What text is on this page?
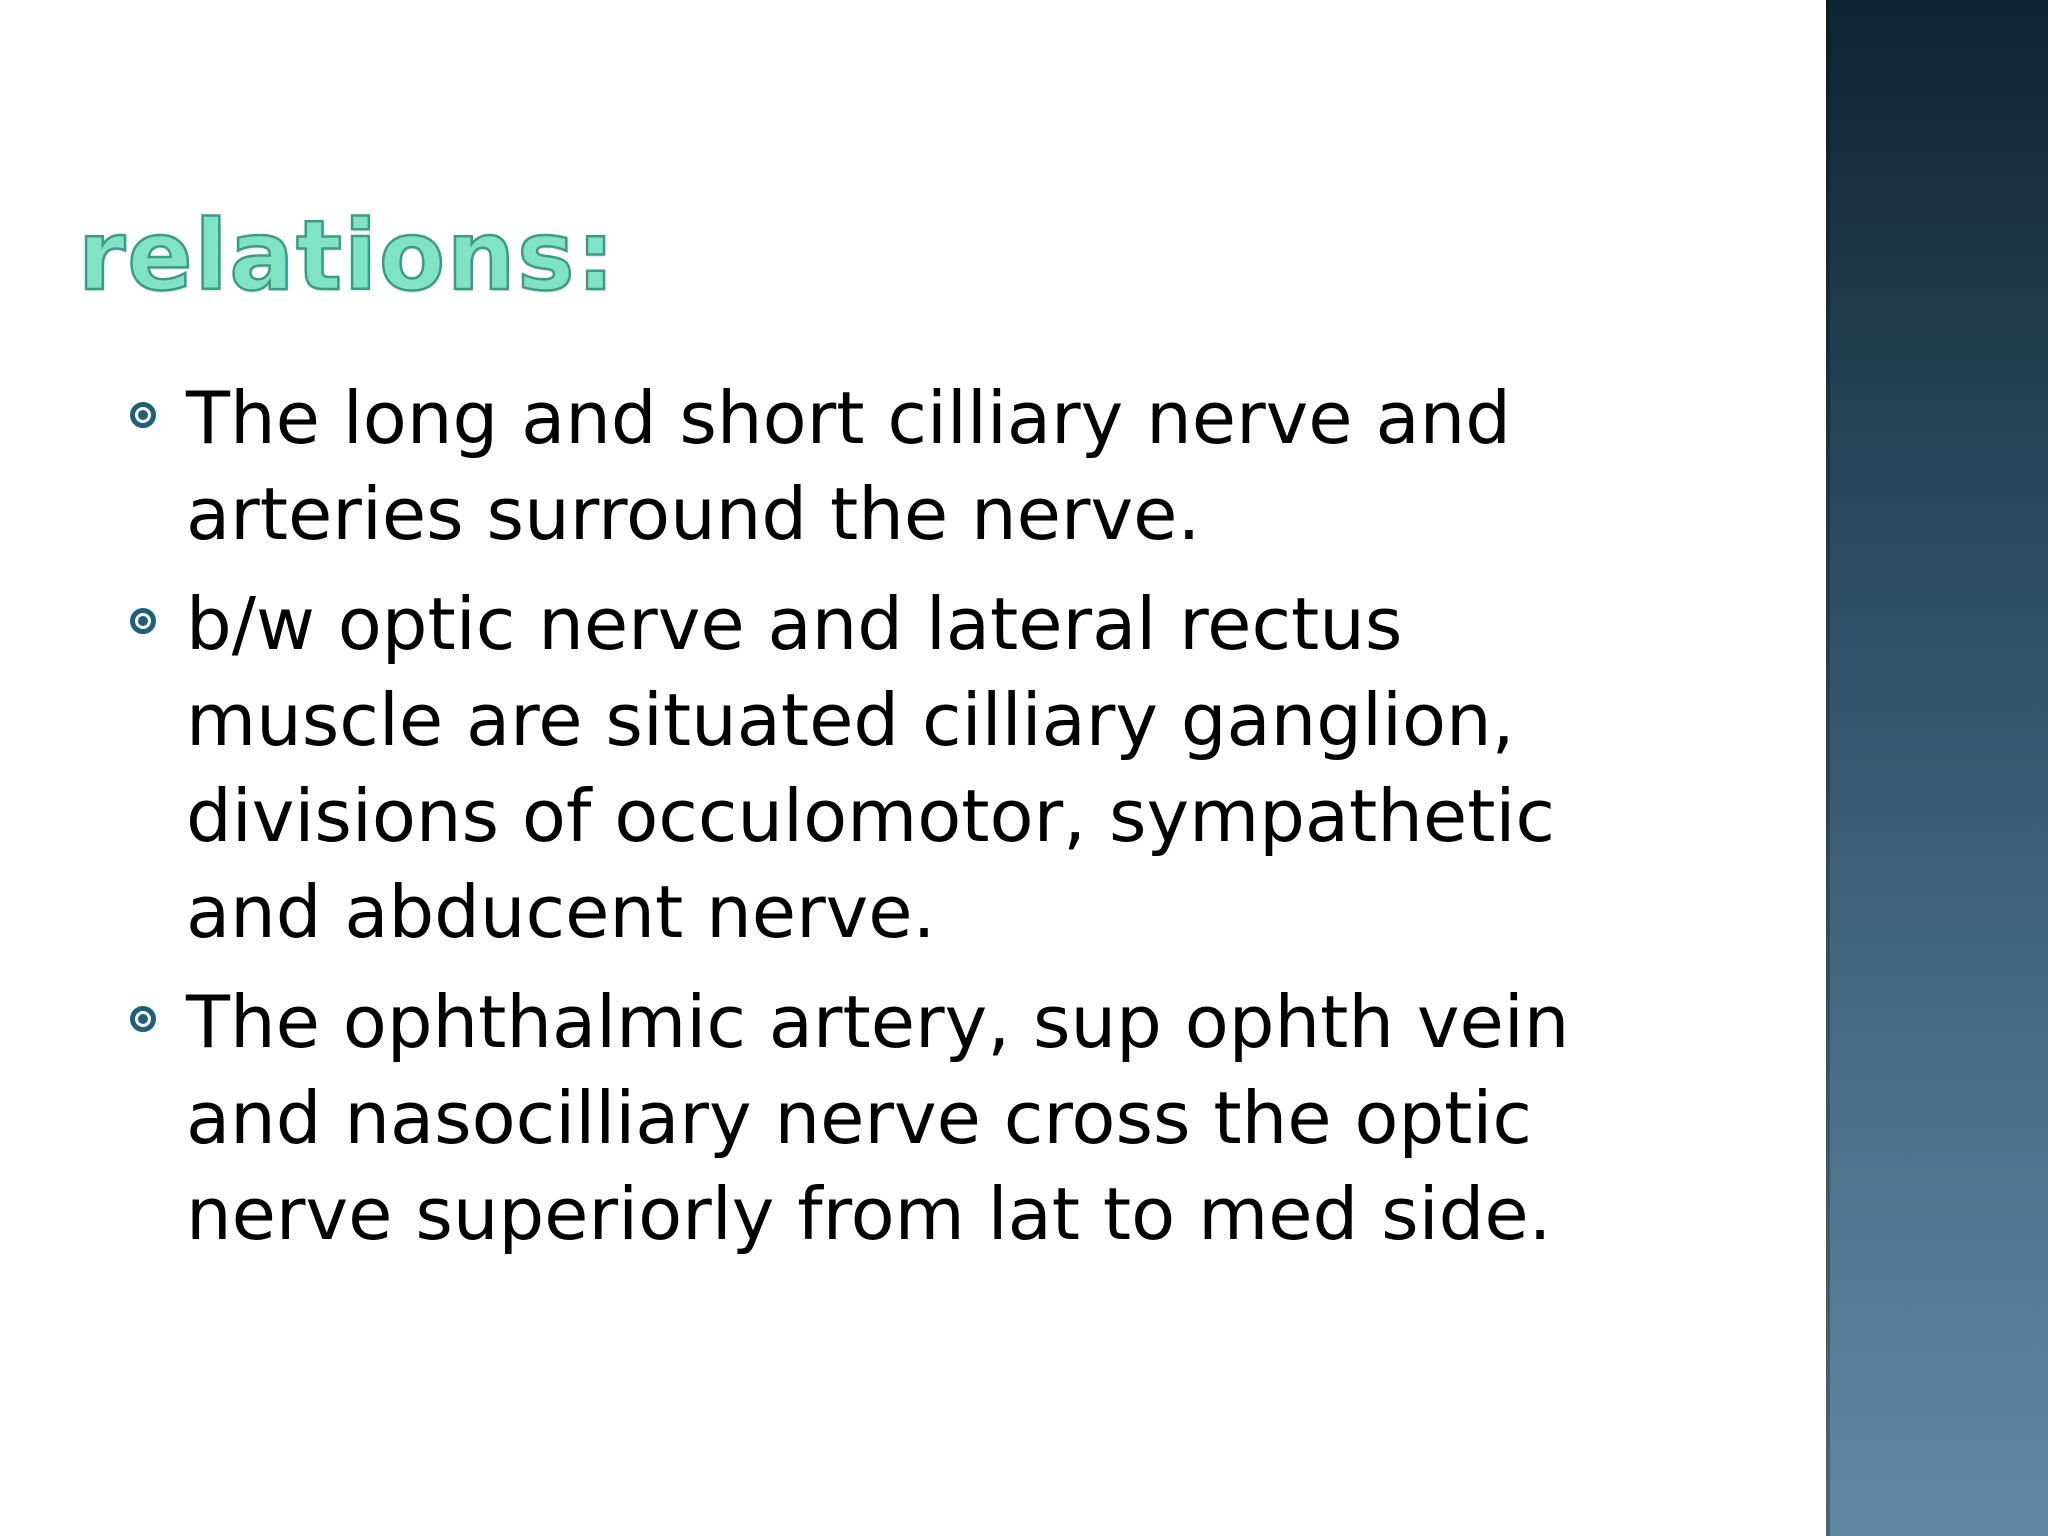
relations:
The long and short cilliary nerve and arteries surround the nerve.
b/w optic nerve and lateral rectus muscle are situated cilliary ganglion, divisions of occulomotor, sympathetic and abducent nerve.
The ophthalmic artery, sup ophth vein and nasocilliary nerve cross the optic nerve superiorly from lat to med side.
